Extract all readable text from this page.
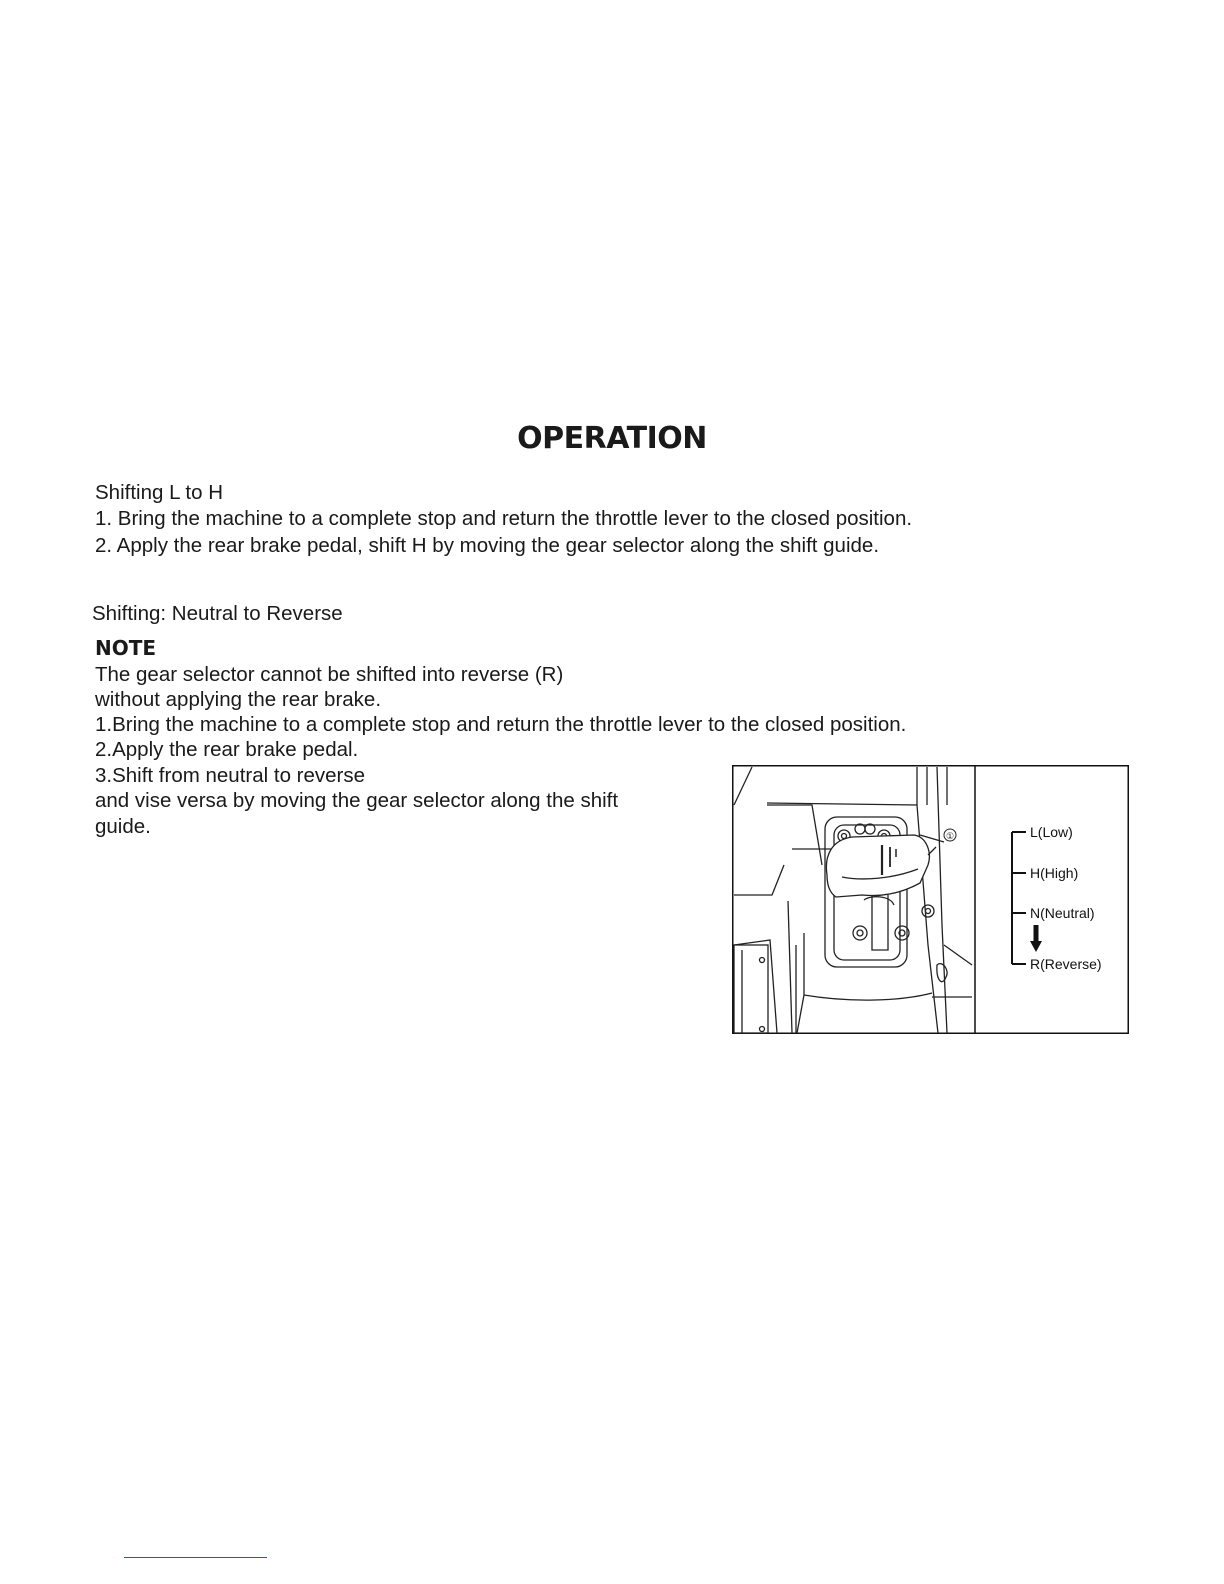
OPERATION
Shifting L to H
1. Bring the machine to a complete stop and return the throttle lever to the closed position.
2. Apply the rear brake pedal, shift H by moving the gear selector along the shift guide.
Shifting: Neutral to Reverse
NOTE
The gear selector cannot be shifted into reverse (R)
without applying the rear brake.
1.Bring the machine to a complete stop and return the throttle lever to the closed position.
2.Apply the rear brake pedal.
3.Shift from neutral to reverse
and vise versa by moving the gear selector along the shift
guide.	①	L(Low)
H(High)
N(Neutral)
R(Reverse)
